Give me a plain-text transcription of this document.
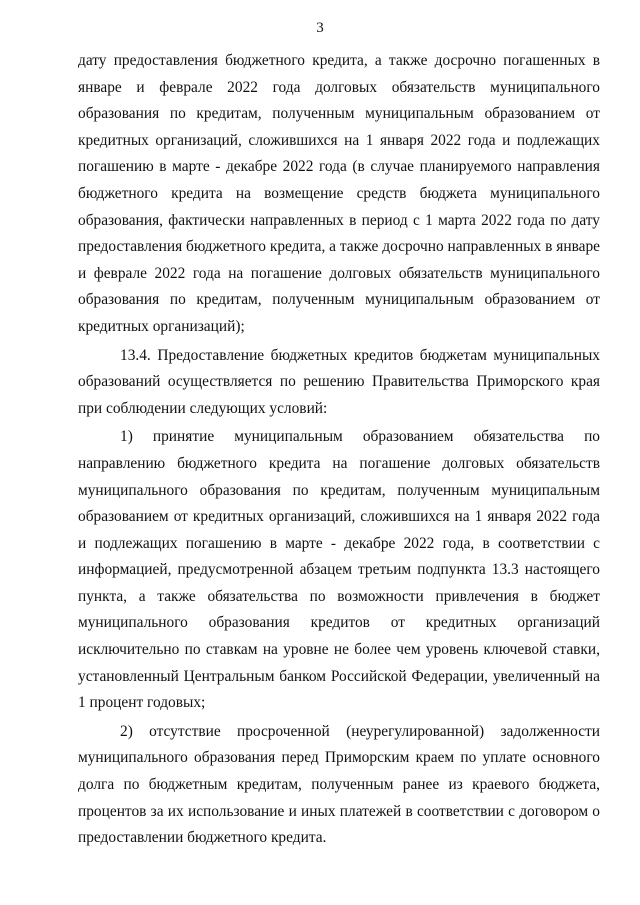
3

дату предоставления бюджетного кредита, а также досрочно погашенных в январе и феврале 2022 года долговых обязательств муниципального образования по кредитам, полученным муниципальным образованием от кредитных организаций, сложившихся на 1 января 2022 года и подлежащих погашению в марте - декабре 2022 года (в случае планируемого направления бюджетного кредита на возмещение средств бюджета муниципального образования, фактически направленных в период с 1 марта 2022 года по дату предоставления бюджетного кредита, а также досрочно направленных в январе и феврале 2022 года на погашение долговых обязательств муниципального образования по кредитам, полученным муниципальным образованием от кредитных организаций);

13.4. Предоставление бюджетных кредитов бюджетам муниципальных образований осуществляется по решению Правительства Приморского края при соблюдении следующих условий:

1) принятие муниципальным образованием обязательства по направлению бюджетного кредита на погашение долговых обязательств муниципального образования по кредитам, полученным муниципальным образованием от кредитных организаций, сложившихся на 1 января 2022 года и подлежащих погашению в марте - декабре 2022 года, в соответствии с информацией, предусмотренной абзацем третьим подпункта 13.3 настоящего пункта, а также обязательства по возможности привлечения в бюджет муниципального образования кредитов от кредитных организаций исключительно по ставкам на уровне не более чем уровень ключевой ставки, установленный Центральным банком Российской Федерации, увеличенный на 1 процент годовых;

2) отсутствие просроченной (неурегулированной) задолженности муниципального образования перед Приморским краем по уплате основного долга по бюджетным кредитам, полученным ранее из краевого бюджета, процентов за их использование и иных платежей в соответствии с договором о предоставлении бюджетного кредита.
